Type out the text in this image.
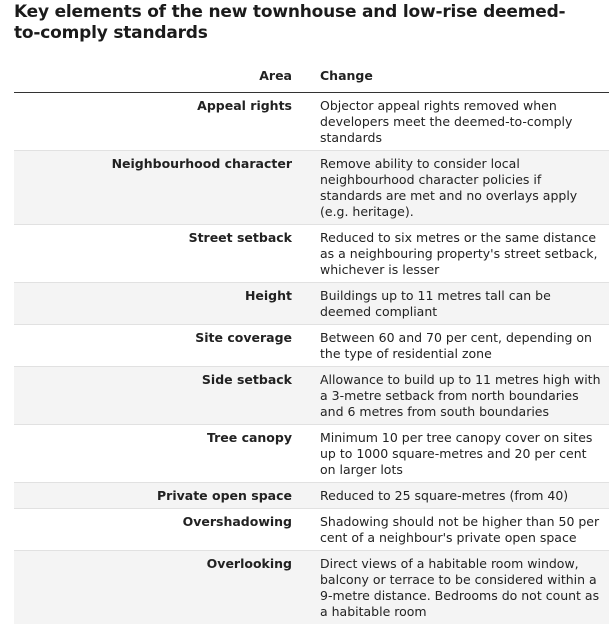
Key elements of the new townhouse and low-rise deemed-to-comply standards
Area	Change
Appeal rights	Objector appeal rights removed when developers meet the deemed-to-comply standards
Neighbourhood character	Remove ability to consider local neighbourhood character policies if standards are met and no overlays apply (e.g. heritage).
Street setback	Reduced to six metres or the same distance as a neighbouring property's street setback, whichever is lesser
Height	Buildings up to 11 metres tall can be deemed compliant
Site coverage	Between 60 and 70 per cent, depending on the type of residential zone
Side setback	Allowance to build up to 11 metres high with a 3-metre setback from north boundaries and 6 metres from south boundaries
Tree canopy	Minimum 10 per tree canopy cover on sites up to 1000 square-metres and 20 per cent on larger lots
Private open space	Reduced to 25 square-metres (from 40)
Overshadowing	Shadowing should not be higher than 50 per cent of a neighbour's private open space
Overlooking	Direct views of a habitable room window, balcony or terrace to be considered within a 9-metre distance. Bedrooms do not count as a habitable room
